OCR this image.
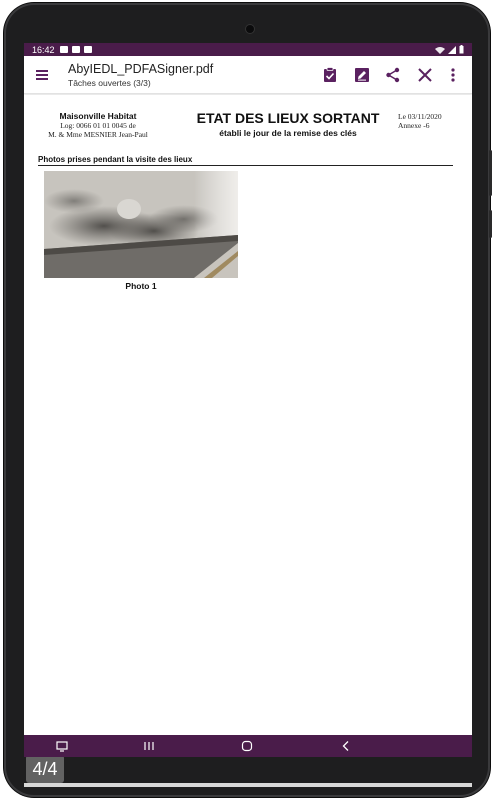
16:42
AbyIEDL_PDFASigner.pdf
Tâches ouvertes (3/3)
Maisonville Habitat
Log: 0066 01 01 0045 de
M. & Mme MESNIER Jean-Paul
ETAT DES LIEUX SORTANT
établi le jour de la remise des clés
Le 03/11/2020
Annexe -6
Photos prises pendant la visite des lieux
Photo 1
4/4
